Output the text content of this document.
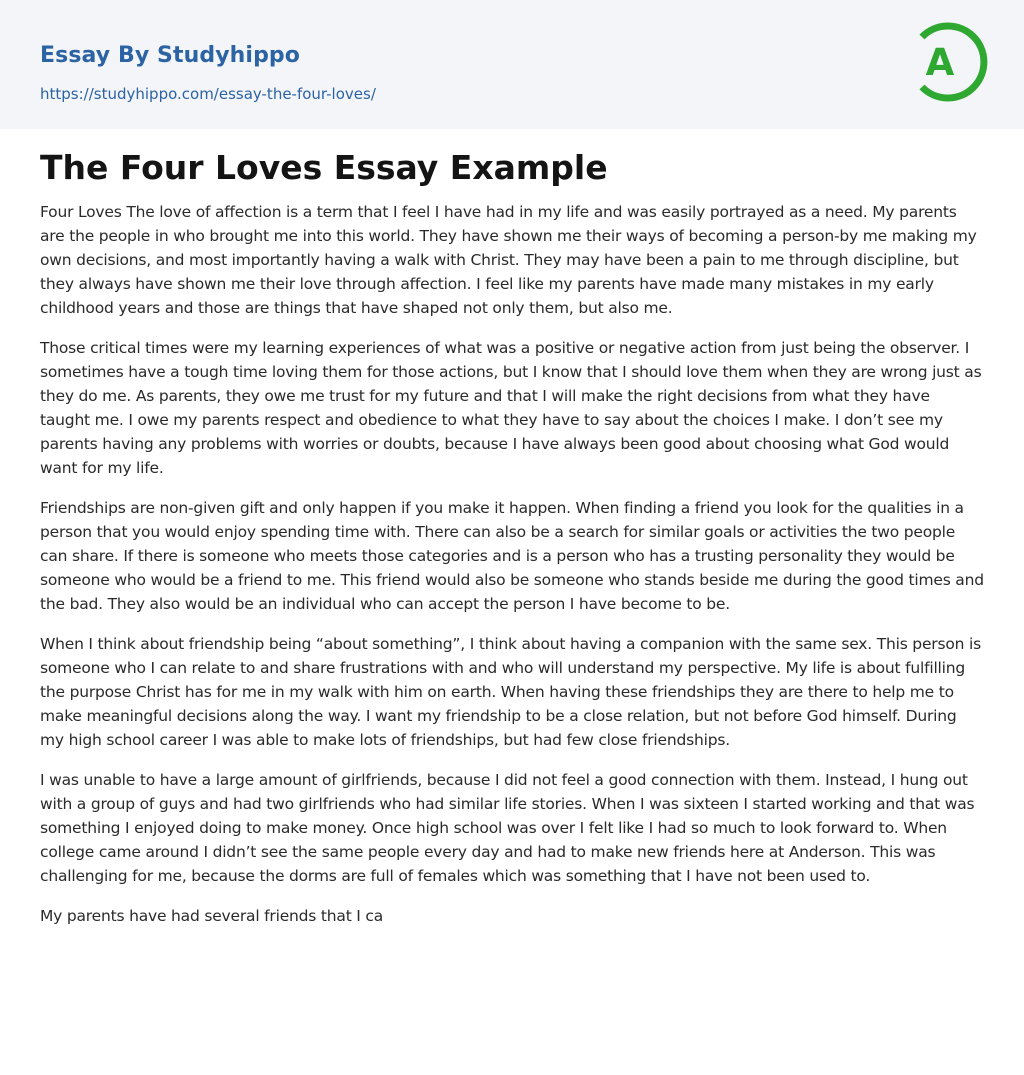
Essay By Studyhippo
https://studyhippo.com/essay-the-four-loves/
A
The Four Loves Essay Example

Four Loves The love of affection is a term that I feel I have had in my life and was easily portrayed as a need. My parents are the people in who brought me into this world. They have shown me their ways of becoming a person-by me making my own decisions, and most importantly having a walk with Christ. They may have been a pain to me through discipline, but they always have shown me their love through affection. I feel like my parents have made many mistakes in my early childhood years and those are things that have shaped not only them, but also me.

Those critical times were my learning experiences of what was a positive or negative action from just being the observer. I sometimes have a tough time loving them for those actions, but I know that I should love them when they are wrong just as they do me. As parents, they owe me trust for my future and that I will make the right decisions from what they have taught me. I owe my parents respect and obedience to what they have to say about the choices I make. I don’t see my parents having any problems with worries or doubts, because I have always been good about choosing what God would want for my life.

Friendships are non-given gift and only happen if you make it happen. When finding a friend you look for the qualities in a person that you would enjoy spending time with. There can also be a search for similar goals or activities the two people can share. If there is someone who meets those categories and is a person who has a trusting personality they would be someone who would be a friend to me. This friend would also be someone who stands beside me during the good times and the bad. They also would be an individual who can accept the person I have become to be.

When I think about friendship being “about something”, I think about having a companion with the same sex. This person is someone who I can relate to and share frustrations with and who will understand my perspective. My life is about fulfilling the purpose Christ has for me in my walk with him on earth. When having these friendships they are there to help me to make meaningful decisions along the way. I want my friendship to be a close relation, but not before God himself. During my high school career I was able to make lots of friendships, but had few close friendships.

I was unable to have a large amount of girlfriends, because I did not feel a good connection with them. Instead, I hung out with a group of guys and had two girlfriends who had similar life stories. When I was sixteen I started working and that was something I enjoyed doing to make money. Once high school was over I felt like I had so much to look forward to. When college came around I didn’t see the same people every day and had to make new friends here at Anderson. This was challenging for me, because the dorms are full of females which was something that I have not been used to.

My parents have had several friends that I ca
